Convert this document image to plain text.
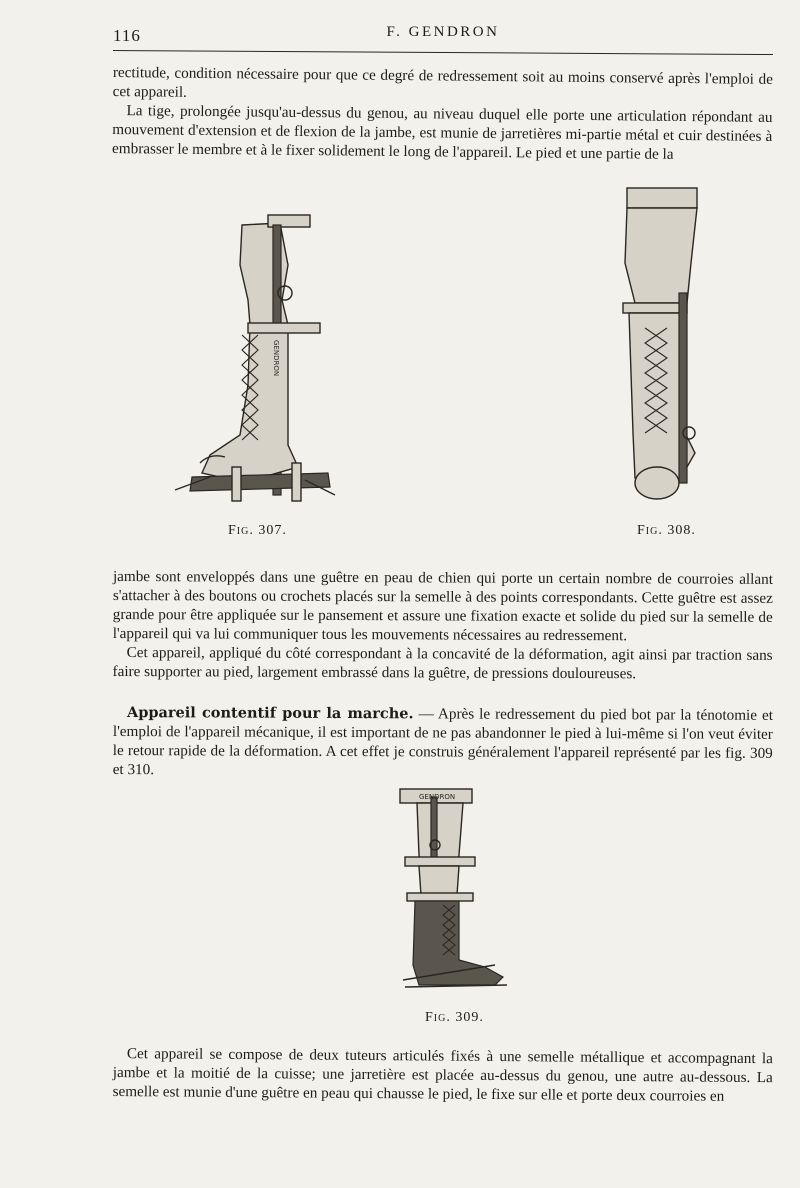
116	F. GENDRON

rectitude, condition nécessaire pour que ce degré de redressement soit au moins conservé après l'emploi de cet appareil.

La tige, prolongée jusqu'au-dessus du genou, au niveau duquel elle porte une articulation répondant au mouvement d'extension et de flexion de la jambe, est munie de jarretières mi-partie métal et cuir destinées à embrasser le membre et à le fixer solidement le long de l'appareil. Le pied et une partie de la

GENDRON
Fig. 307.	Fig. 308.

jambe sont enveloppés dans une guêtre en peau de chien qui porte un certain nombre de courroies allant s'attacher à des boutons ou crochets placés sur la semelle à des points correspondants. Cette guêtre est assez grande pour être appliquée sur le pansement et assure une fixation exacte et solide du pied sur la semelle de l'appareil qui va lui communiquer tous les mouvements nécessaires au redressement.

Cet appareil, appliqué du côté correspondant à la concavité de la déformation, agit ainsi par traction sans faire supporter au pied, largement embrassé dans la guêtre, de pressions douloureuses.

Appareil contentif pour la marche. — Après le redressement du pied bot par la ténotomie et l'emploi de l'appareil mécanique, il est important de ne pas abandonner le pied à lui-même si l'on veut éviter le retour rapide de la déformation. A cet effet je construis généralement l'appareil représenté par les fig. 309 et 310.

GENDRON
Fig. 309.

Cet appareil se compose de deux tuteurs articulés fixés à une semelle métallique et accompagnant la jambe et la moitié de la cuisse; une jarretière est placée au-dessus du genou, une autre au-dessous. La semelle est munie d'une guêtre en peau qui chausse le pied, le fixe sur elle et porte deux courroies en
